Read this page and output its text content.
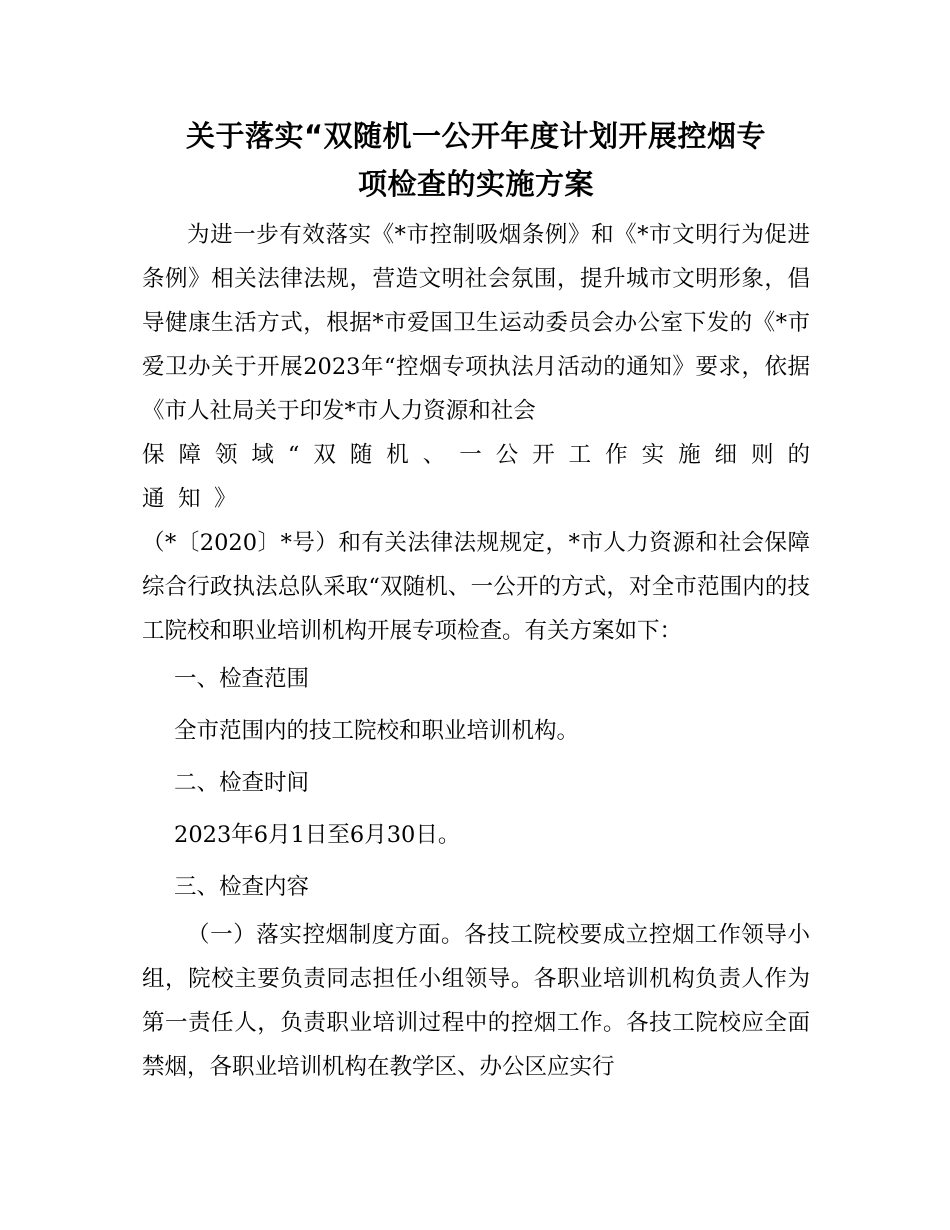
关于落实“双随机一公开年度计划开展控烟专
项检查的实施方案

为进一步有效落实《*市控制吸烟条例》和《*市文明行为促进条例》相关法律法规，营造文明社会氛围，提升城市文明形象，倡导健康生活方式，根据*市爱国卫生运动委员会办公室下发的《*市爱卫办关于开展2023年“控烟专项执法月活动的通知》要求，依据《市人社局关于印发*市人力资源和社会

保障领域“双随机、一公开工作实施细则的通知》

（*〔2020〕*号）和有关法律法规规定，*市人力资源和社会保障综合行政执法总队采取“双随机、一公开的方式，对全市范围内的技工院校和职业培训机构开展专项检查。有关方案如下：

一、检查范围

全市范围内的技工院校和职业培训机构。

二、检查时间

2023年6月1日至6月30日。

三、检查内容

（一）落实控烟制度方面。各技工院校要成立控烟工作领导小组，院校主要负责同志担任小组领导。各职业培训机构负责人作为第一责任人，负责职业培训过程中的控烟工作。各技工院校应全面禁烟，各职业培训机构在教学区、办公区应实行
